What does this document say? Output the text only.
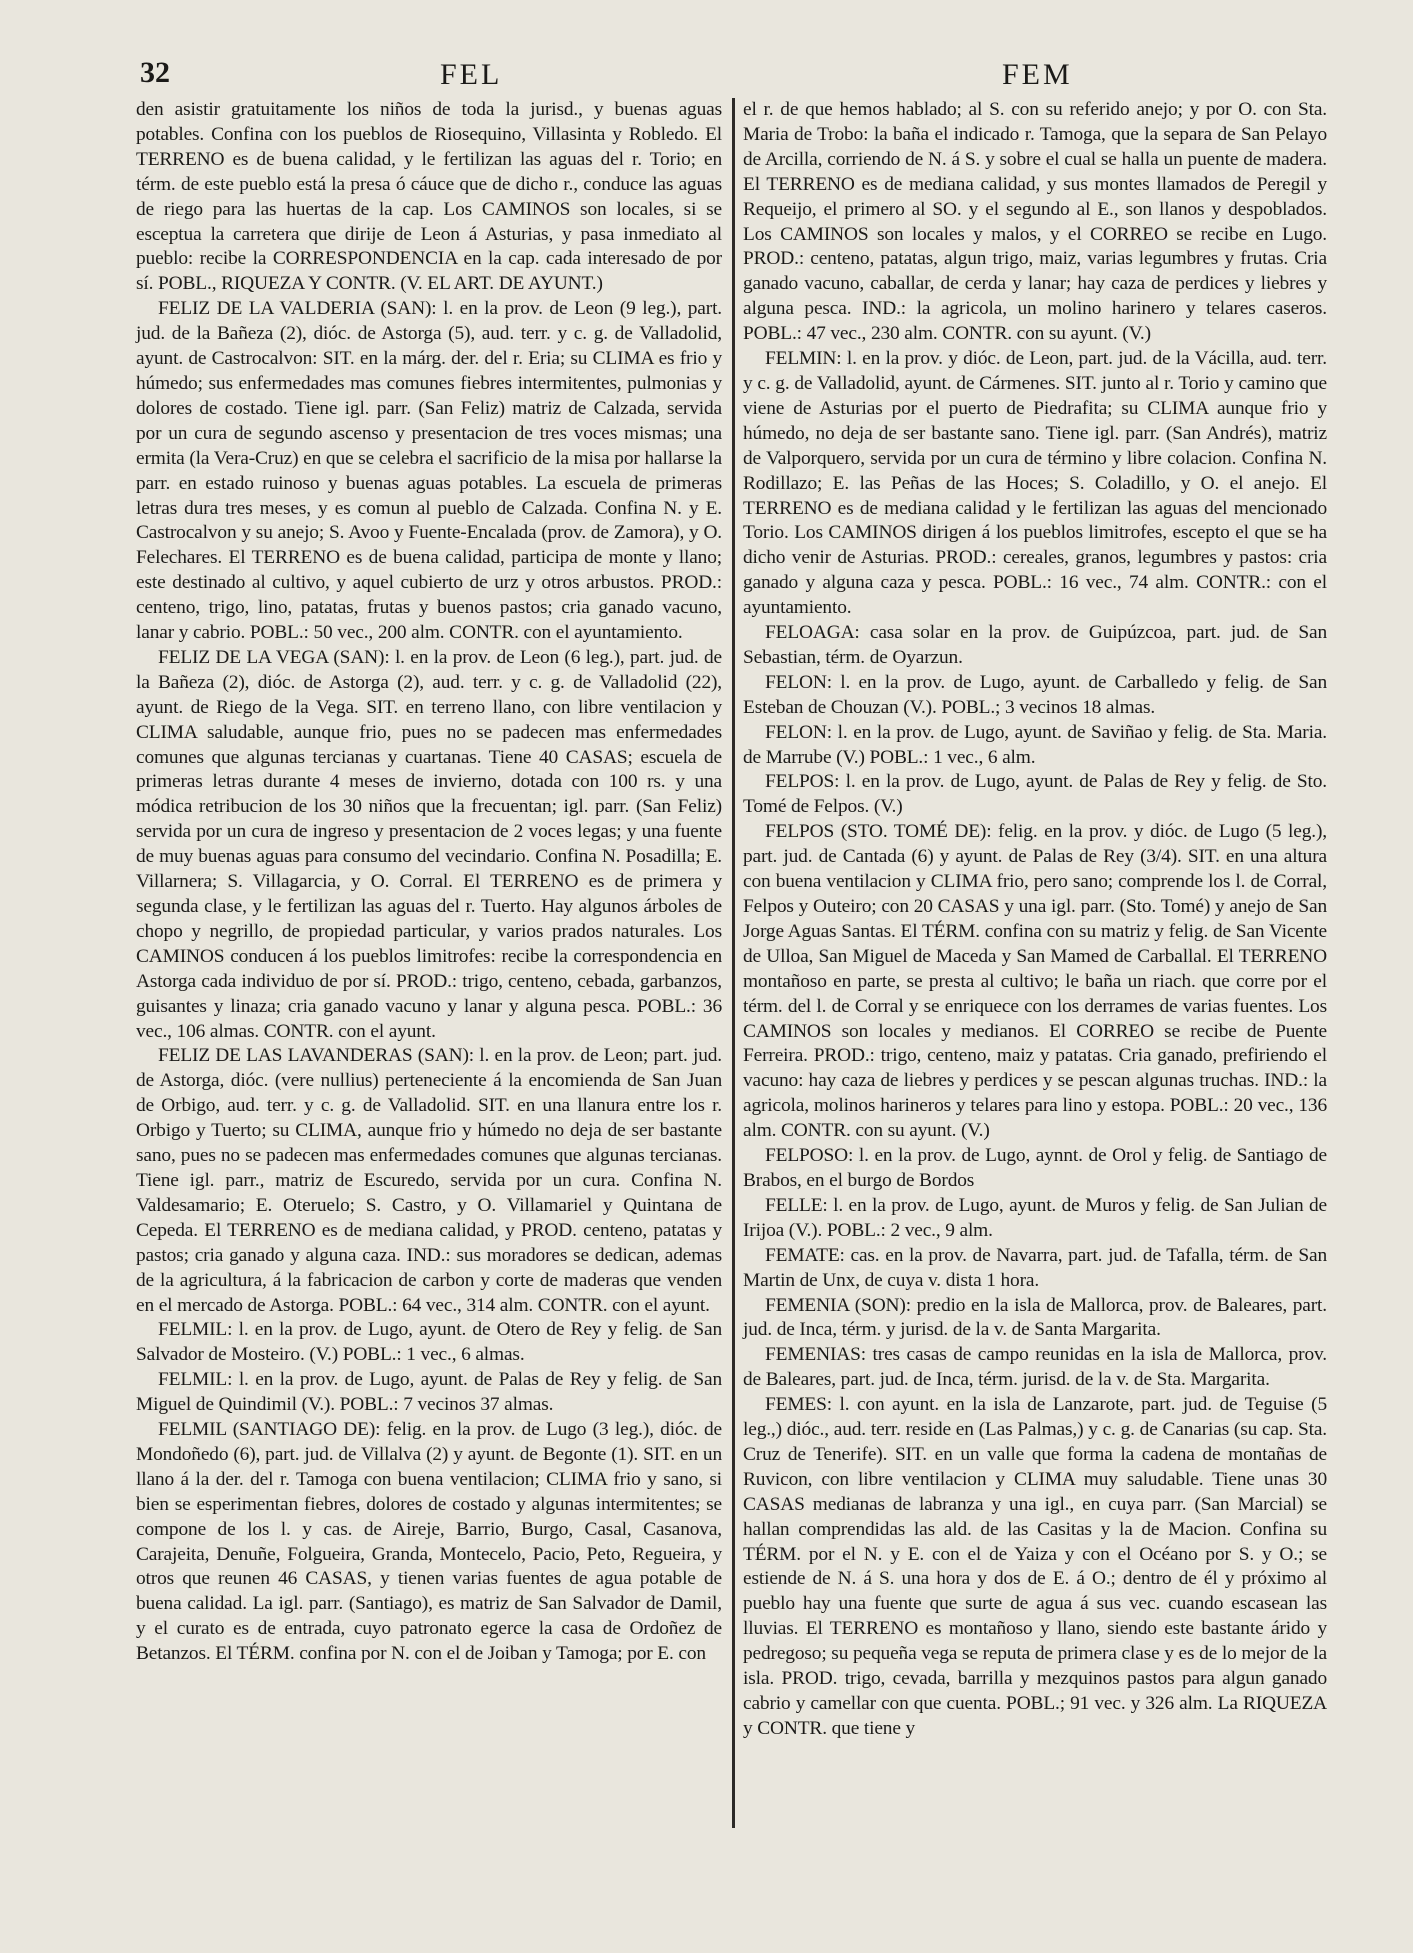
32	FEL	FEM

den asistir gratuitamente los niños de toda la jurisd., y buenas aguas potables. Confina con los pueblos de Riosequino, Villasinta y Robledo. El TERRENO es de buena calidad, y le fertilizan las aguas del r. Torio; en térm. de este pueblo está la presa ó cáuce que de dicho r., conduce las aguas de riego para las huertas de la cap. Los CAMINOS son locales, si se esceptua la carretera que dirije de Leon á Asturias, y pasa inmediato al pueblo: recibe la CORRESPONDENCIA en la cap. cada interesado de por sí. POBL., RIQUEZA Y CONTR. (V. EL ART. DE AYUNT.)

FELIZ DE LA VALDERIA (SAN): l. en la prov. de Leon (9 leg.), part. jud. de la Bañeza (2), dióc. de Astorga (5), aud. terr. y c. g. de Valladolid, ayunt. de Castrocalvon: SIT. en la márg. der. del r. Eria; su CLIMA es frio y húmedo; sus enfermedades mas comunes fiebres intermitentes, pulmonias y dolores de costado. Tiene igl. parr. (San Feliz) matriz de Calzada, servida por un cura de segundo ascenso y presentacion de tres voces mismas; una ermita (la Vera-Cruz) en que se celebra el sacrificio de la misa por hallarse la parr. en estado ruinoso y buenas aguas potables. La escuela de primeras letras dura tres meses, y es comun al pueblo de Calzada. Confina N. y E. Castrocalvon y su anejo; S. Avoo y Fuente-Encalada (prov. de Zamora), y O. Felechares. El TERRENO es de buena calidad, participa de monte y llano; este destinado al cultivo, y aquel cubierto de urz y otros arbustos. PROD.: centeno, trigo, lino, patatas, frutas y buenos pastos; cria ganado vacuno, lanar y cabrio. POBL.: 50 vec., 200 alm. CONTR. con el ayuntamiento.

FELIZ DE LA VEGA (SAN): l. en la prov. de Leon (6 leg.), part. jud. de la Bañeza (2), dióc. de Astorga (2), aud. terr. y c. g. de Valladolid (22), ayunt. de Riego de la Vega. SIT. en terreno llano, con libre ventilacion y CLIMA saludable, aunque frio, pues no se padecen mas enfermedades comunes que algunas tercianas y cuartanas. Tiene 40 CASAS; escuela de primeras letras durante 4 meses de invierno, dotada con 100 rs. y una módica retribucion de los 30 niños que la frecuentan; igl. parr. (San Feliz) servida por un cura de ingreso y presentacion de 2 voces legas; y una fuente de muy buenas aguas para consumo del vecindario. Confina N. Posadilla; E. Villarnera; S. Villagarcia, y O. Corral. El TERRENO es de primera y segunda clase, y le fertilizan las aguas del r. Tuerto. Hay algunos árboles de chopo y negrillo, de propiedad particular, y varios prados naturales. Los CAMINOS conducen á los pueblos limitrofes: recibe la correspondencia en Astorga cada individuo de por sí. PROD.: trigo, centeno, cebada, garbanzos, guisantes y linaza; cria ganado vacuno y lanar y alguna pesca. POBL.: 36 vec., 106 almas. CONTR. con el ayunt.

FELIZ DE LAS LAVANDERAS (SAN): l. en la prov. de Leon; part. jud. de Astorga, dióc. (vere nullius) perteneciente á la encomienda de San Juan de Orbigo, aud. terr. y c. g. de Valladolid. SIT. en una llanura entre los r. Orbigo y Tuerto; su CLIMA, aunque frio y húmedo no deja de ser bastante sano, pues no se padecen mas enfermedades comunes que algunas tercianas. Tiene igl. parr., matriz de Escuredo, servida por un cura. Confina N. Valdesamario; E. Oteruelo; S. Castro, y O. Villamariel y Quintana de Cepeda. El TERRENO es de mediana calidad, y PROD. centeno, patatas y pastos; cria ganado y alguna caza. IND.: sus moradores se dedican, ademas de la agricultura, á la fabricacion de carbon y corte de maderas que venden en el mercado de Astorga. POBL.: 64 vec., 314 alm. CONTR. con el ayunt.

FELMIL: l. en la prov. de Lugo, ayunt. de Otero de Rey y felig. de San Salvador de Mosteiro. (V.) POBL.: 1 vec., 6 almas.

FELMIL: l. en la prov. de Lugo, ayunt. de Palas de Rey y felig. de San Miguel de Quindimil (V.). POBL.: 7 vecinos 37 almas.

FELMIL (SANTIAGO DE): felig. en la prov. de Lugo (3 leg.), dióc. de Mondoñedo (6), part. jud. de Villalva (2) y ayunt. de Begonte (1). SIT. en un llano á la der. del r. Tamoga con buena ventilacion; CLIMA frio y sano, si bien se esperimentan fiebres, dolores de costado y algunas intermitentes; se compone de los l. y cas. de Aireje, Barrio, Burgo, Casal, Casanova, Carajeita, Denuñe, Folgueira, Granda, Montecelo, Pacio, Peto, Regueira, y otros que reunen 46 CASAS, y tienen varias fuentes de agua potable de buena calidad. La igl. parr. (Santiago), es matriz de San Salvador de Damil, y el curato es de entrada, cuyo patronato egerce la casa de Ordoñez de Betanzos. El TÉRM. confina por N. con el de Joiban y Tamoga; por E. con

el r. de que hemos hablado; al S. con su referido anejo; y por O. con Sta. Maria de Trobo: la baña el indicado r. Tamoga, que la separa de San Pelayo de Arcilla, corriendo de N. á S. y sobre el cual se halla un puente de madera. El TERRENO es de mediana calidad, y sus montes llamados de Peregil y Requeijo, el primero al SO. y el segundo al E., son llanos y despoblados. Los CAMINOS son locales y malos, y el CORREO se recibe en Lugo. PROD.: centeno, patatas, algun trigo, maiz, varias legumbres y frutas. Cria ganado vacuno, caballar, de cerda y lanar; hay caza de perdices y liebres y alguna pesca. IND.: la agricola, un molino harinero y telares caseros. POBL.: 47 vec., 230 alm. CONTR. con su ayunt. (V.)

FELMIN: l. en la prov. y dióc. de Leon, part. jud. de la Vácilla, aud. terr. y c. g. de Valladolid, ayunt. de Cármenes. SIT. junto al r. Torio y camino que viene de Asturias por el puerto de Piedrafita; su CLIMA aunque frio y húmedo, no deja de ser bastante sano. Tiene igl. parr. (San Andrés), matriz de Valporquero, servida por un cura de término y libre colacion. Confina N. Rodillazo; E. las Peñas de las Hoces; S. Coladillo, y O. el anejo. El TERRENO es de mediana calidad y le fertilizan las aguas del mencionado Torio. Los CAMINOS dirigen á los pueblos limitrofes, escepto el que se ha dicho venir de Asturias. PROD.: cereales, granos, legumbres y pastos: cria ganado y alguna caza y pesca. POBL.: 16 vec., 74 alm. CONTR.: con el ayuntamiento.

FELOAGA: casa solar en la prov. de Guipúzcoa, part. jud. de San Sebastian, térm. de Oyarzun.

FELON: l. en la prov. de Lugo, ayunt. de Carballedo y felig. de San Esteban de Chouzan (V.). POBL.; 3 vecinos 18 almas.

FELON: l. en la prov. de Lugo, ayunt. de Saviñao y felig. de Sta. Maria. de Marrube (V.) POBL.: 1 vec., 6 alm.

FELPOS: l. en la prov. de Lugo, ayunt. de Palas de Rey y felig. de Sto. Tomé de Felpos. (V.)

FELPOS (STO. TOMÉ DE): felig. en la prov. y dióc. de Lugo (5 leg.), part. jud. de Cantada (6) y ayunt. de Palas de Rey (3/4). SIT. en una altura con buena ventilacion y CLIMA frio, pero sano; comprende los l. de Corral, Felpos y Outeiro; con 20 CASAS y una igl. parr. (Sto. Tomé) y anejo de San Jorge Aguas Santas. El TÉRM. confina con su matriz y felig. de San Vicente de Ulloa, San Miguel de Maceda y San Mamed de Carballal. El TERRENO montañoso en parte, se presta al cultivo; le baña un riach. que corre por el térm. del l. de Corral y se enriquece con los derrames de varias fuentes. Los CAMINOS son locales y medianos. El CORREO se recibe de Puente Ferreira. PROD.: trigo, centeno, maiz y patatas. Cria ganado, prefiriendo el vacuno: hay caza de liebres y perdices y se pescan algunas truchas. IND.: la agricola, molinos harineros y telares para lino y estopa. POBL.: 20 vec., 136 alm. CONTR. con su ayunt. (V.)

FELPOSO: l. en la prov. de Lugo, aynnt. de Orol y felig. de Santiago de Brabos, en el burgo de Bordos

FELLE: l. en la prov. de Lugo, ayunt. de Muros y felig. de San Julian de Irijoa (V.). POBL.: 2 vec., 9 alm.

FEMATE: cas. en la prov. de Navarra, part. jud. de Tafalla, térm. de San Martin de Unx, de cuya v. dista 1 hora.

FEMENIA (SON): predio en la isla de Mallorca, prov. de Baleares, part. jud. de Inca, térm. y jurisd. de la v. de Santa Margarita.

FEMENIAS: tres casas de campo reunidas en la isla de Mallorca, prov. de Baleares, part. jud. de Inca, térm. jurisd. de la v. de Sta. Margarita.

FEMES: l. con ayunt. en la isla de Lanzarote, part. jud. de Teguise (5 leg.,) dióc., aud. terr. reside en (Las Palmas,) y c. g. de Canarias (su cap. Sta. Cruz de Tenerife). SIT. en un valle que forma la cadena de montañas de Ruvicon, con libre ventilacion y CLIMA muy saludable. Tiene unas 30 CASAS medianas de labranza y una igl., en cuya parr. (San Marcial) se hallan comprendidas las ald. de las Casitas y la de Macion. Confina su TÉRM. por el N. y E. con el de Yaiza y con el Océano por S. y O.; se estiende de N. á S. una hora y dos de E. á O.; dentro de él y próximo al pueblo hay una fuente que surte de agua á sus vec. cuando escasean las lluvias. El TERRENO es montañoso y llano, siendo este bastante árido y pedregoso; su pequeña vega se reputa de primera clase y es de lo mejor de la isla. PROD. trigo, cevada, barrilla y mezquinos pastos para algun ganado cabrio y camellar con que cuenta. POBL.; 91 vec. y 326 alm. La RIQUEZA y CONTR. que tiene y
